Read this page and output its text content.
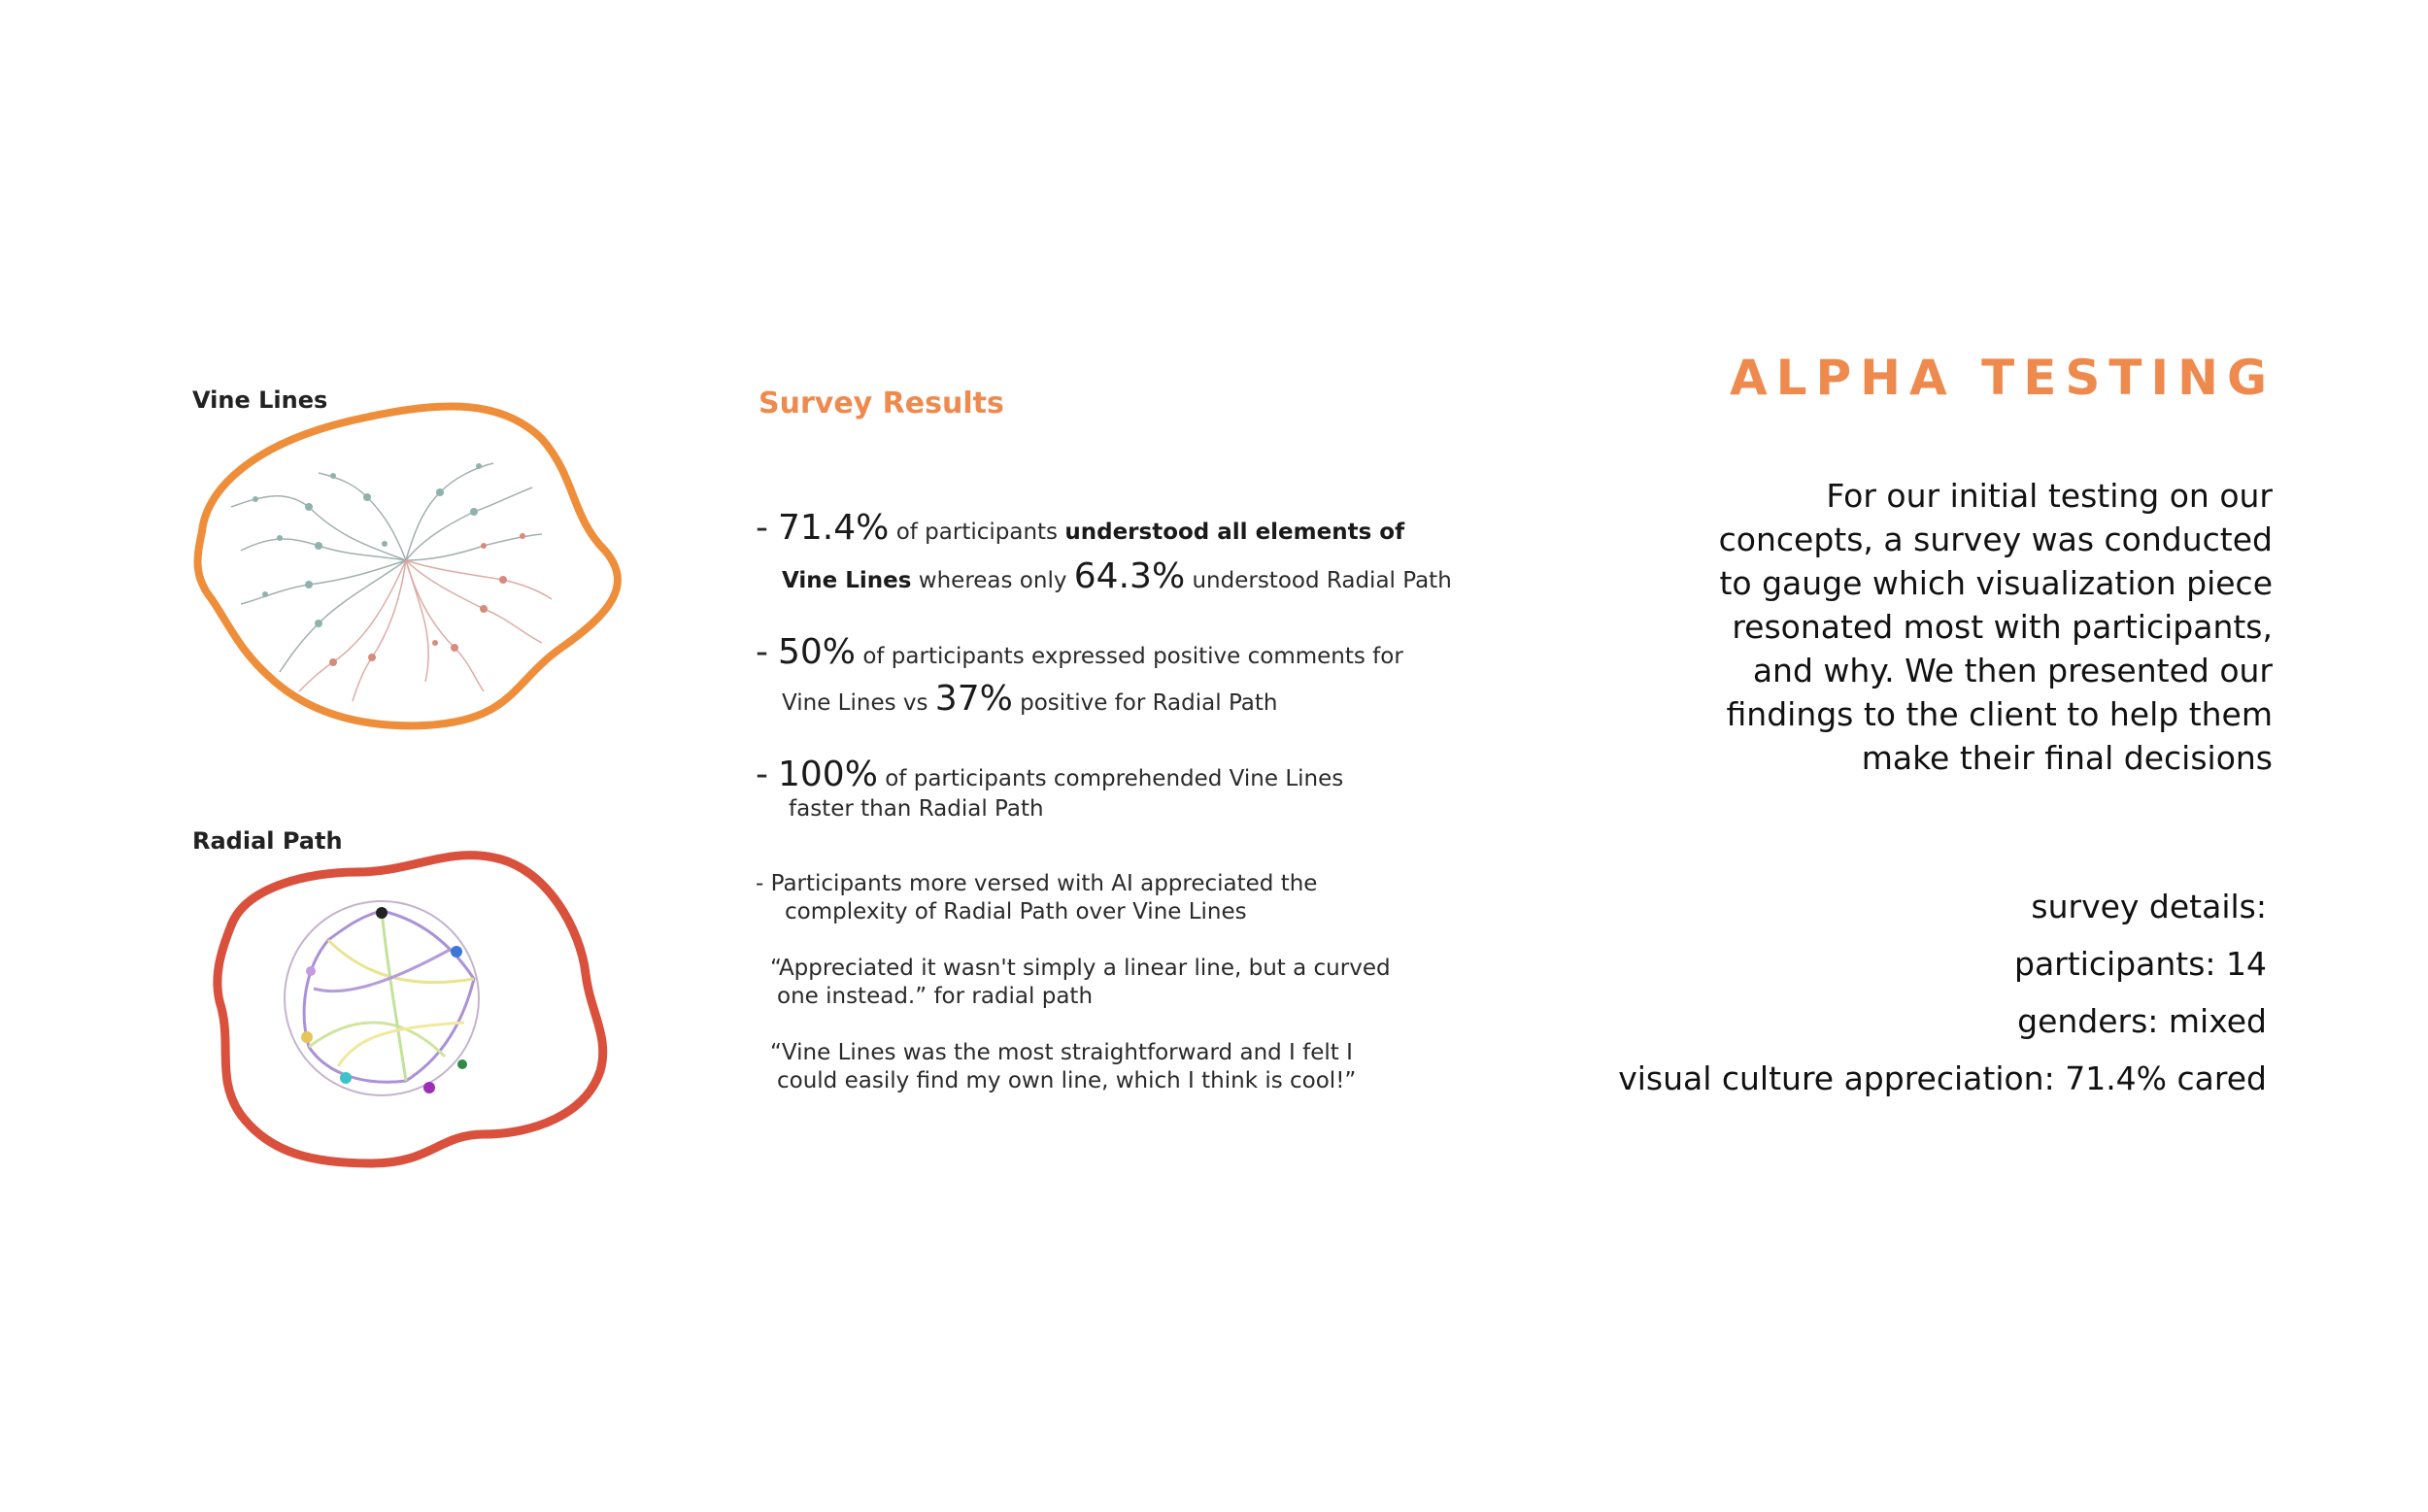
Vine Lines
Radial Path
Survey Results
- 71.4% of participants understood all elements of
Vine Lines whereas only 64.3% understood Radial Path
- 50% of participants expressed positive comments for
Vine Lines vs 37% positive for Radial Path
- 100% of participants comprehended Vine Lines
faster than Radial Path
- Participants more versed with AI appreciated the
complexity of Radial Path over Vine Lines
“Appreciated it wasn't simply a linear line, but a curved
one instead.” for radial path
“Vine Lines was the most straightforward and I felt I
could easily find my own line, which I think is cool!”
ALPHA TESTING
For our initial testing on our
concepts, a survey was conducted
to gauge which visualization piece
resonated most with participants,
and why. We then presented our
findings to the client to help them
make their final decisions
survey details:
participants: 14
genders: mixed
visual culture appreciation: 71.4% cared
